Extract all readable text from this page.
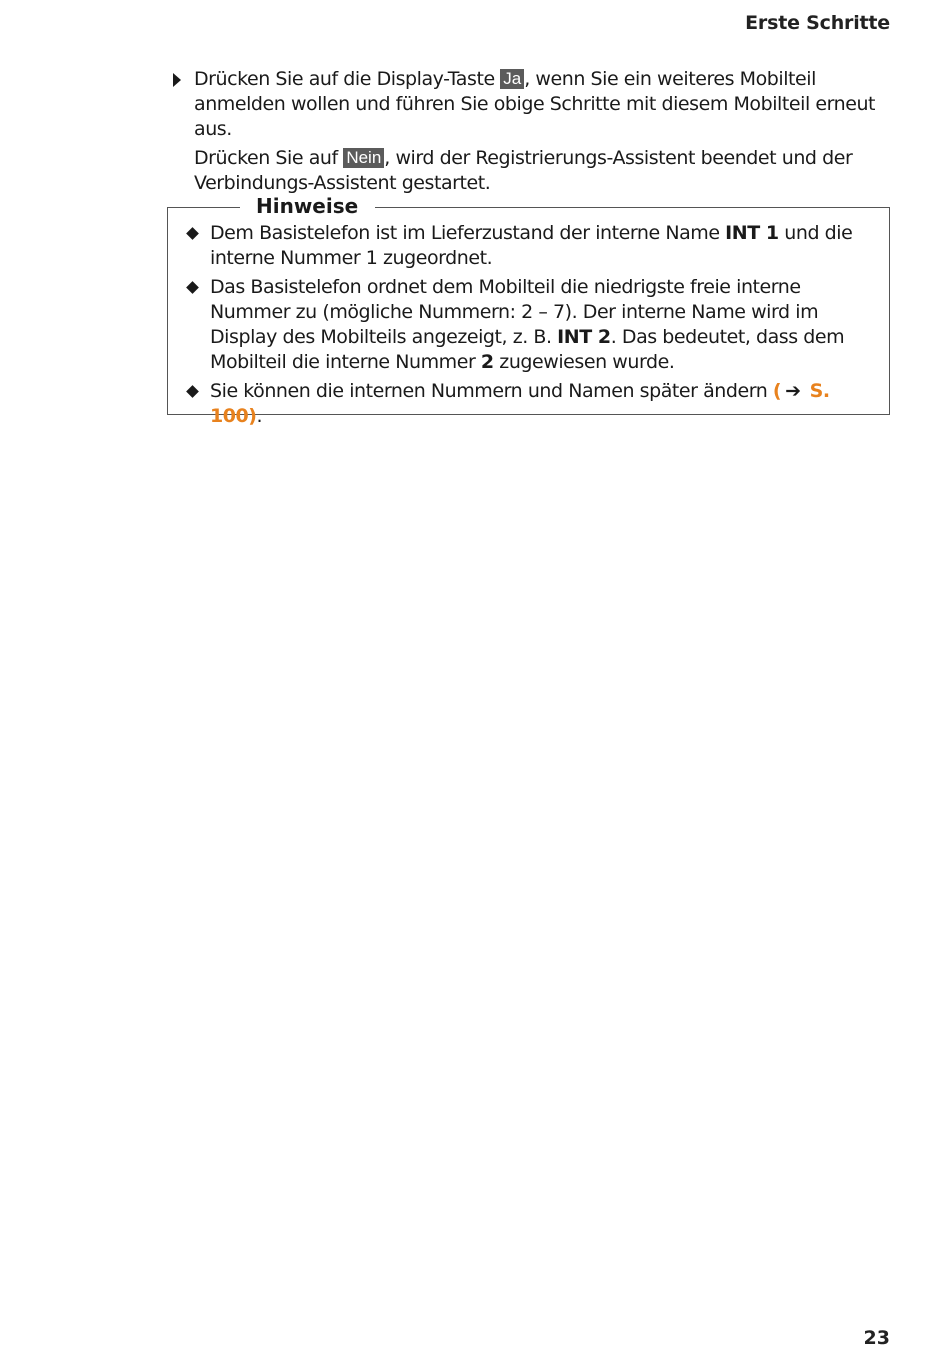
Erste Schritte

Drücken Sie auf die Display-Taste Ja , wenn Sie ein weiteres Mobilteil anmelden wollen und führen Sie obige Schritte mit diesem Mobilteil erneut aus.

Drücken Sie auf Nein , wird der Registrierungs-Assistent beendet und der Verbindungs-Assistent gestartet.

Hinweise
Dem Basistelefon ist im Lieferzustand der interne Name INT 1 und die interne Nummer 1 zugeordnet.
Das Basistelefon ordnet dem Mobilteil die niedrigste freie interne Nummer zu (mögliche Nummern: 2 – 7). Der interne Name wird im Display des Mobilteils angezeigt, z. B. INT 2. Das bedeutet, dass dem Mobilteil die interne Nummer 2 zugewiesen wurde.
Sie können die internen Nummern und Namen später ändern ( ➔ S. 100).
23
